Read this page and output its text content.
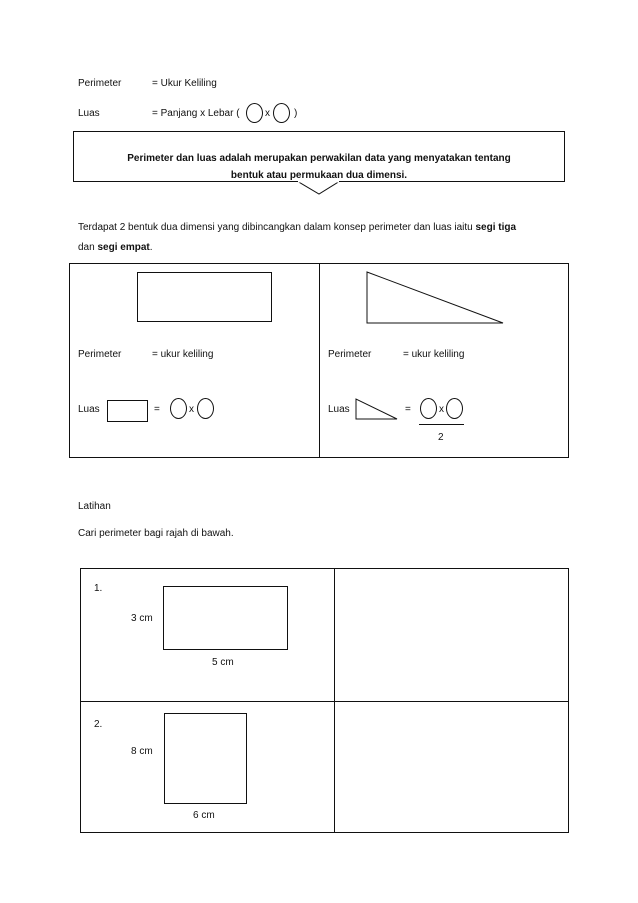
Perimeter	= Ukur Keliling
Luas	= Panjang x Lebar (	x )
Perimeter dan luas adalah merupakan perwakilan data yang menyatakan tentang bentuk atau permukaan dua dimensi.
Terdapat 2 bentuk dua dimensi yang dibincangkan dalam konsep perimeter dan luas iaitu segi tiga
dan segi empat.
Perimeter	= ukur keliling
Luas	=	x
Perimeter	= ukur keliling
Luas	=	x
2
Latihan
Cari perimeter bagi rajah di bawah.
1.
3 cm
5 cm
2.
8 cm
6 cm
